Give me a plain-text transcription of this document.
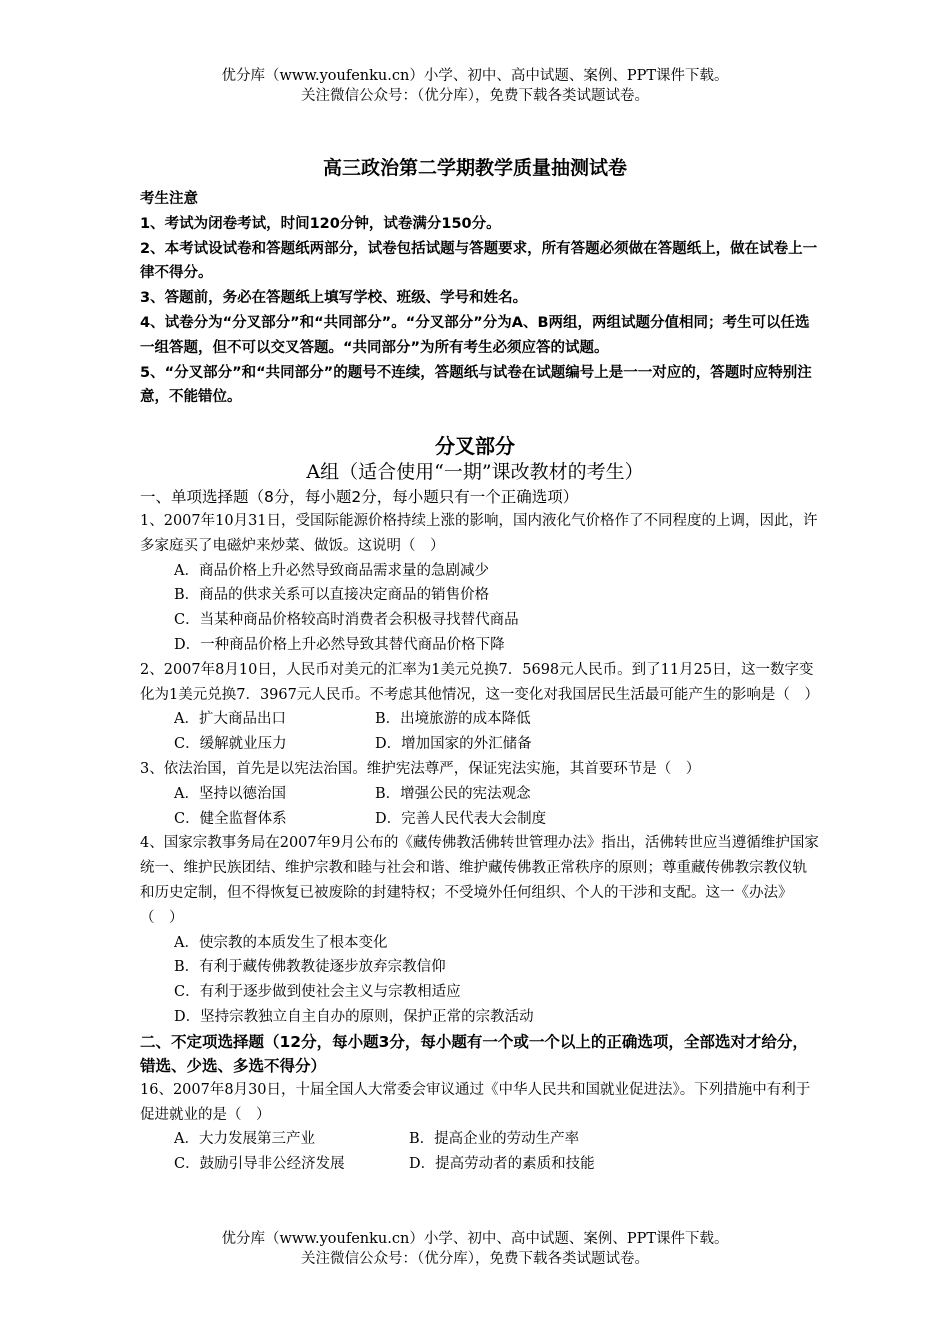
优分库（www.youfenku.cn）小学、初中、高中试题、案例、PPT课件下载。
关注微信公众号：（优分库），免费下载各类试题试卷。
高三政治第二学期教学质量抽测试卷

考生注意

1、考试为闭卷考试，时间120分钟，试卷满分150分。

2、本考试设试卷和答题纸两部分，试卷包括试题与答题要求，所有答题必须做在答题纸上，做在试卷上一律不得分。

3、答题前，务必在答题纸上填写学校、班级、学号和姓名。

4、试卷分为“分叉部分”和“共同部分”。“分叉部分”分为A、B两组，两组试题分值相同；考生可以任选一组答题，但不可以交叉答题。“共同部分”为所有考生必须应答的试题。

5、“分叉部分”和“共同部分”的题号不连续，答题纸与试卷在试题编号上是一一对应的，答题时应特别注意，不能错位。

分叉部分
A组（适合使用“一期”课改教材的考生）

一、单项选择题（8分，每小题2分，每小题只有一个正确选项）

1、2007年10月31日，受国际能源价格持续上涨的影响，国内液化气价格作了不同程度的上调，因此，许多家庭买了电磁炉来炒菜、做饭。这说明（　）

A．商品价格上升必然导致商品需求量的急剧减少

B．商品的供求关系可以直接决定商品的销售价格

C．当某种商品价格较高时消费者会积极寻找替代商品

D．一种商品价格上升必然导致其替代商品价格下降

2、2007年8月10日，人民币对美元的汇率为1美元兑换7．5698元人民币。到了11月25日，这一数字变化为1美元兑换7．3967元人民币。不考虑其他情况，这一变化对我国居民生活最可能产生的影响是（　）

A．扩大商品出口	B．出境旅游的成本降低
C．缓解就业压力	D．增加国家的外汇储备

3、依法治国，首先是以宪法治国。维护宪法尊严，保证宪法实施，其首要环节是（　）

A．坚持以德治国	B．增强公民的宪法观念
C．健全监督体系	D．完善人民代表大会制度

4、国家宗教事务局在2007年9月公布的《藏传佛教活佛转世管理办法》指出，活佛转世应当遵循维护国家统一、维护民族团结、维护宗教和睦与社会和谐、维护藏传佛教正常秩序的原则；尊重藏传佛教宗教仪轨和历史定制，但不得恢复已被废除的封建特权；不受境外任何组织、个人的干涉和支配。这一《办法》（　）

A．使宗教的本质发生了根本变化

B．有利于藏传佛教教徒逐步放弃宗教信仰

C．有利于逐步做到使社会主义与宗教相适应

D．坚持宗教独立自主自办的原则，保护正常的宗教活动

二、不定项选择题（12分，每小题3分，每小题有一个或一个以上的正确选项，全部选对才给分，错选、少选、多选不得分）

16、2007年8月30日，十届全国人大常委会审议通过《中华人民共和国就业促进法》。下列措施中有利于促进就业的是（　）

A．大力发展第三产业	B．提高企业的劳动生产率
C．鼓励引导非公经济发展	D．提高劳动者的素质和技能
优分库（www.youfenku.cn）小学、初中、高中试题、案例、PPT课件下载。
关注微信公众号：（优分库），免费下载各类试题试卷。
